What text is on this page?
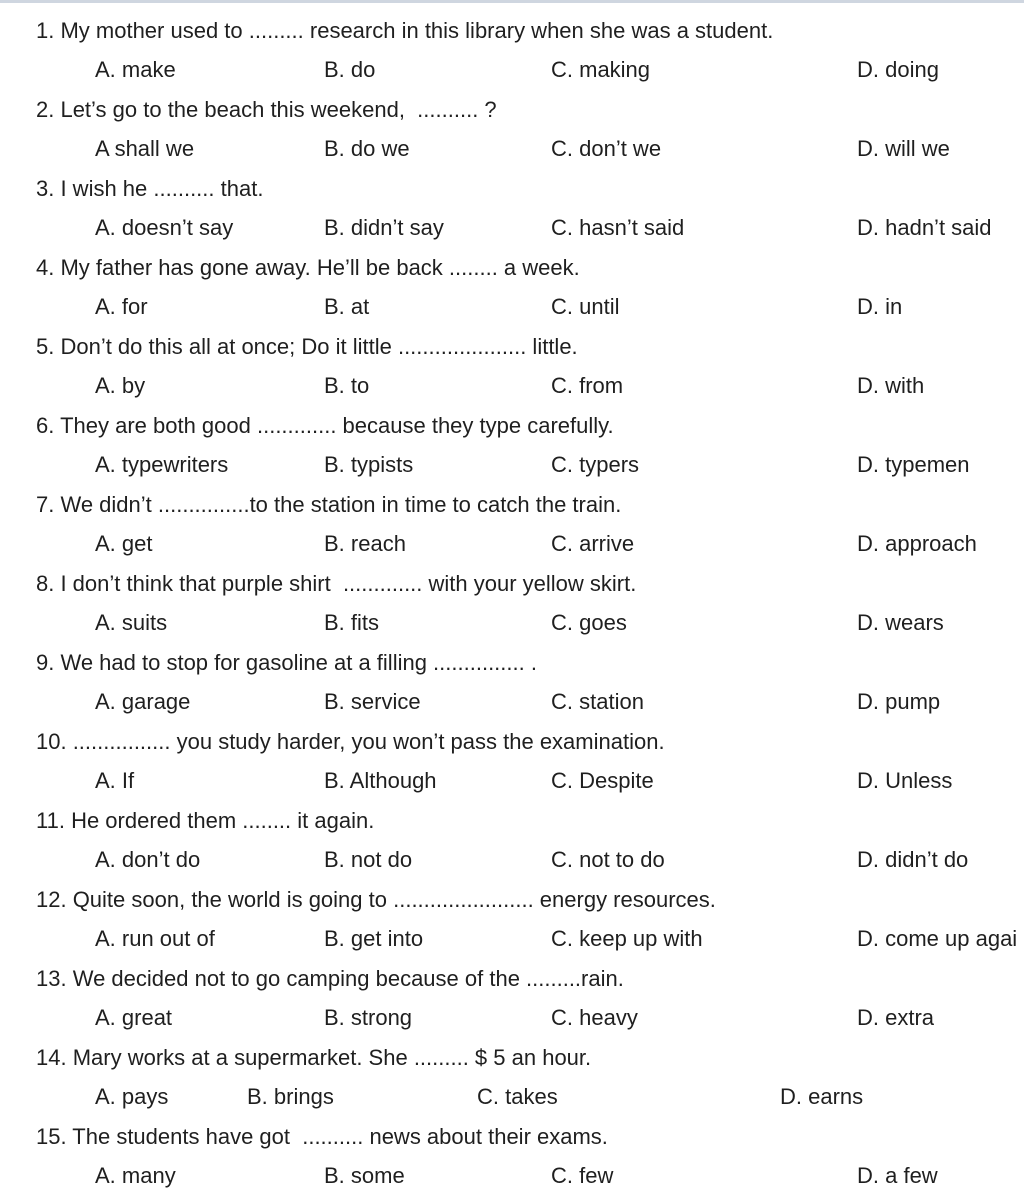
1. My mother used to ......... research in this library when she was a student.
A. make	B. do	C. making	D. doing
2. Let’s go to the beach this weekend,  .......... ?
A shall we	B. do we	C. don’t we	D. will we
3. I wish he .......... that.
A. doesn’t say	B. didn’t say	C. hasn’t said	D. hadn’t said
4. My father has gone away. He’ll be back ........ a week.
A. for	B. at	C. until	D. in
5. Don’t do this all at once; Do it little ..................... little.
A. by	B. to	C. from	D. with
6. They are both good ............. because they type carefully.
A. typewriters	B. typists	C. typers	D. typemen
7. We didn’t ...............to the station in time to catch the train.
A. get	B. reach	C. arrive	D. approach
8. I don’t think that purple shirt  ............. with your yellow skirt.
A. suits	B. fits	C. goes	D. wears
9. We had to stop for gasoline at a filling ............... .
A. garage	B. service	C. station	D. pump
10. ................ you study harder, you won’t pass the examination.
A. If	B. Although	C. Despite	D. Unless
11. He ordered them ........ it again.
A. don’t do	B. not do	C. not to do	D. didn’t do
12. Quite soon, the world is going to ....................... energy resources.
A. run out of	B. get into	C. keep up with	D. come up agai
13. We decided not to go camping because of the .........rain.
A. great	B. strong	C. heavy	D. extra
14. Mary works at a supermarket. She ......... $ 5 an hour.
A. pays	B. brings	C. takes	D. earns
15. The students have got  .......... news about their exams.
A. many	B. some	C. few	D. a few
